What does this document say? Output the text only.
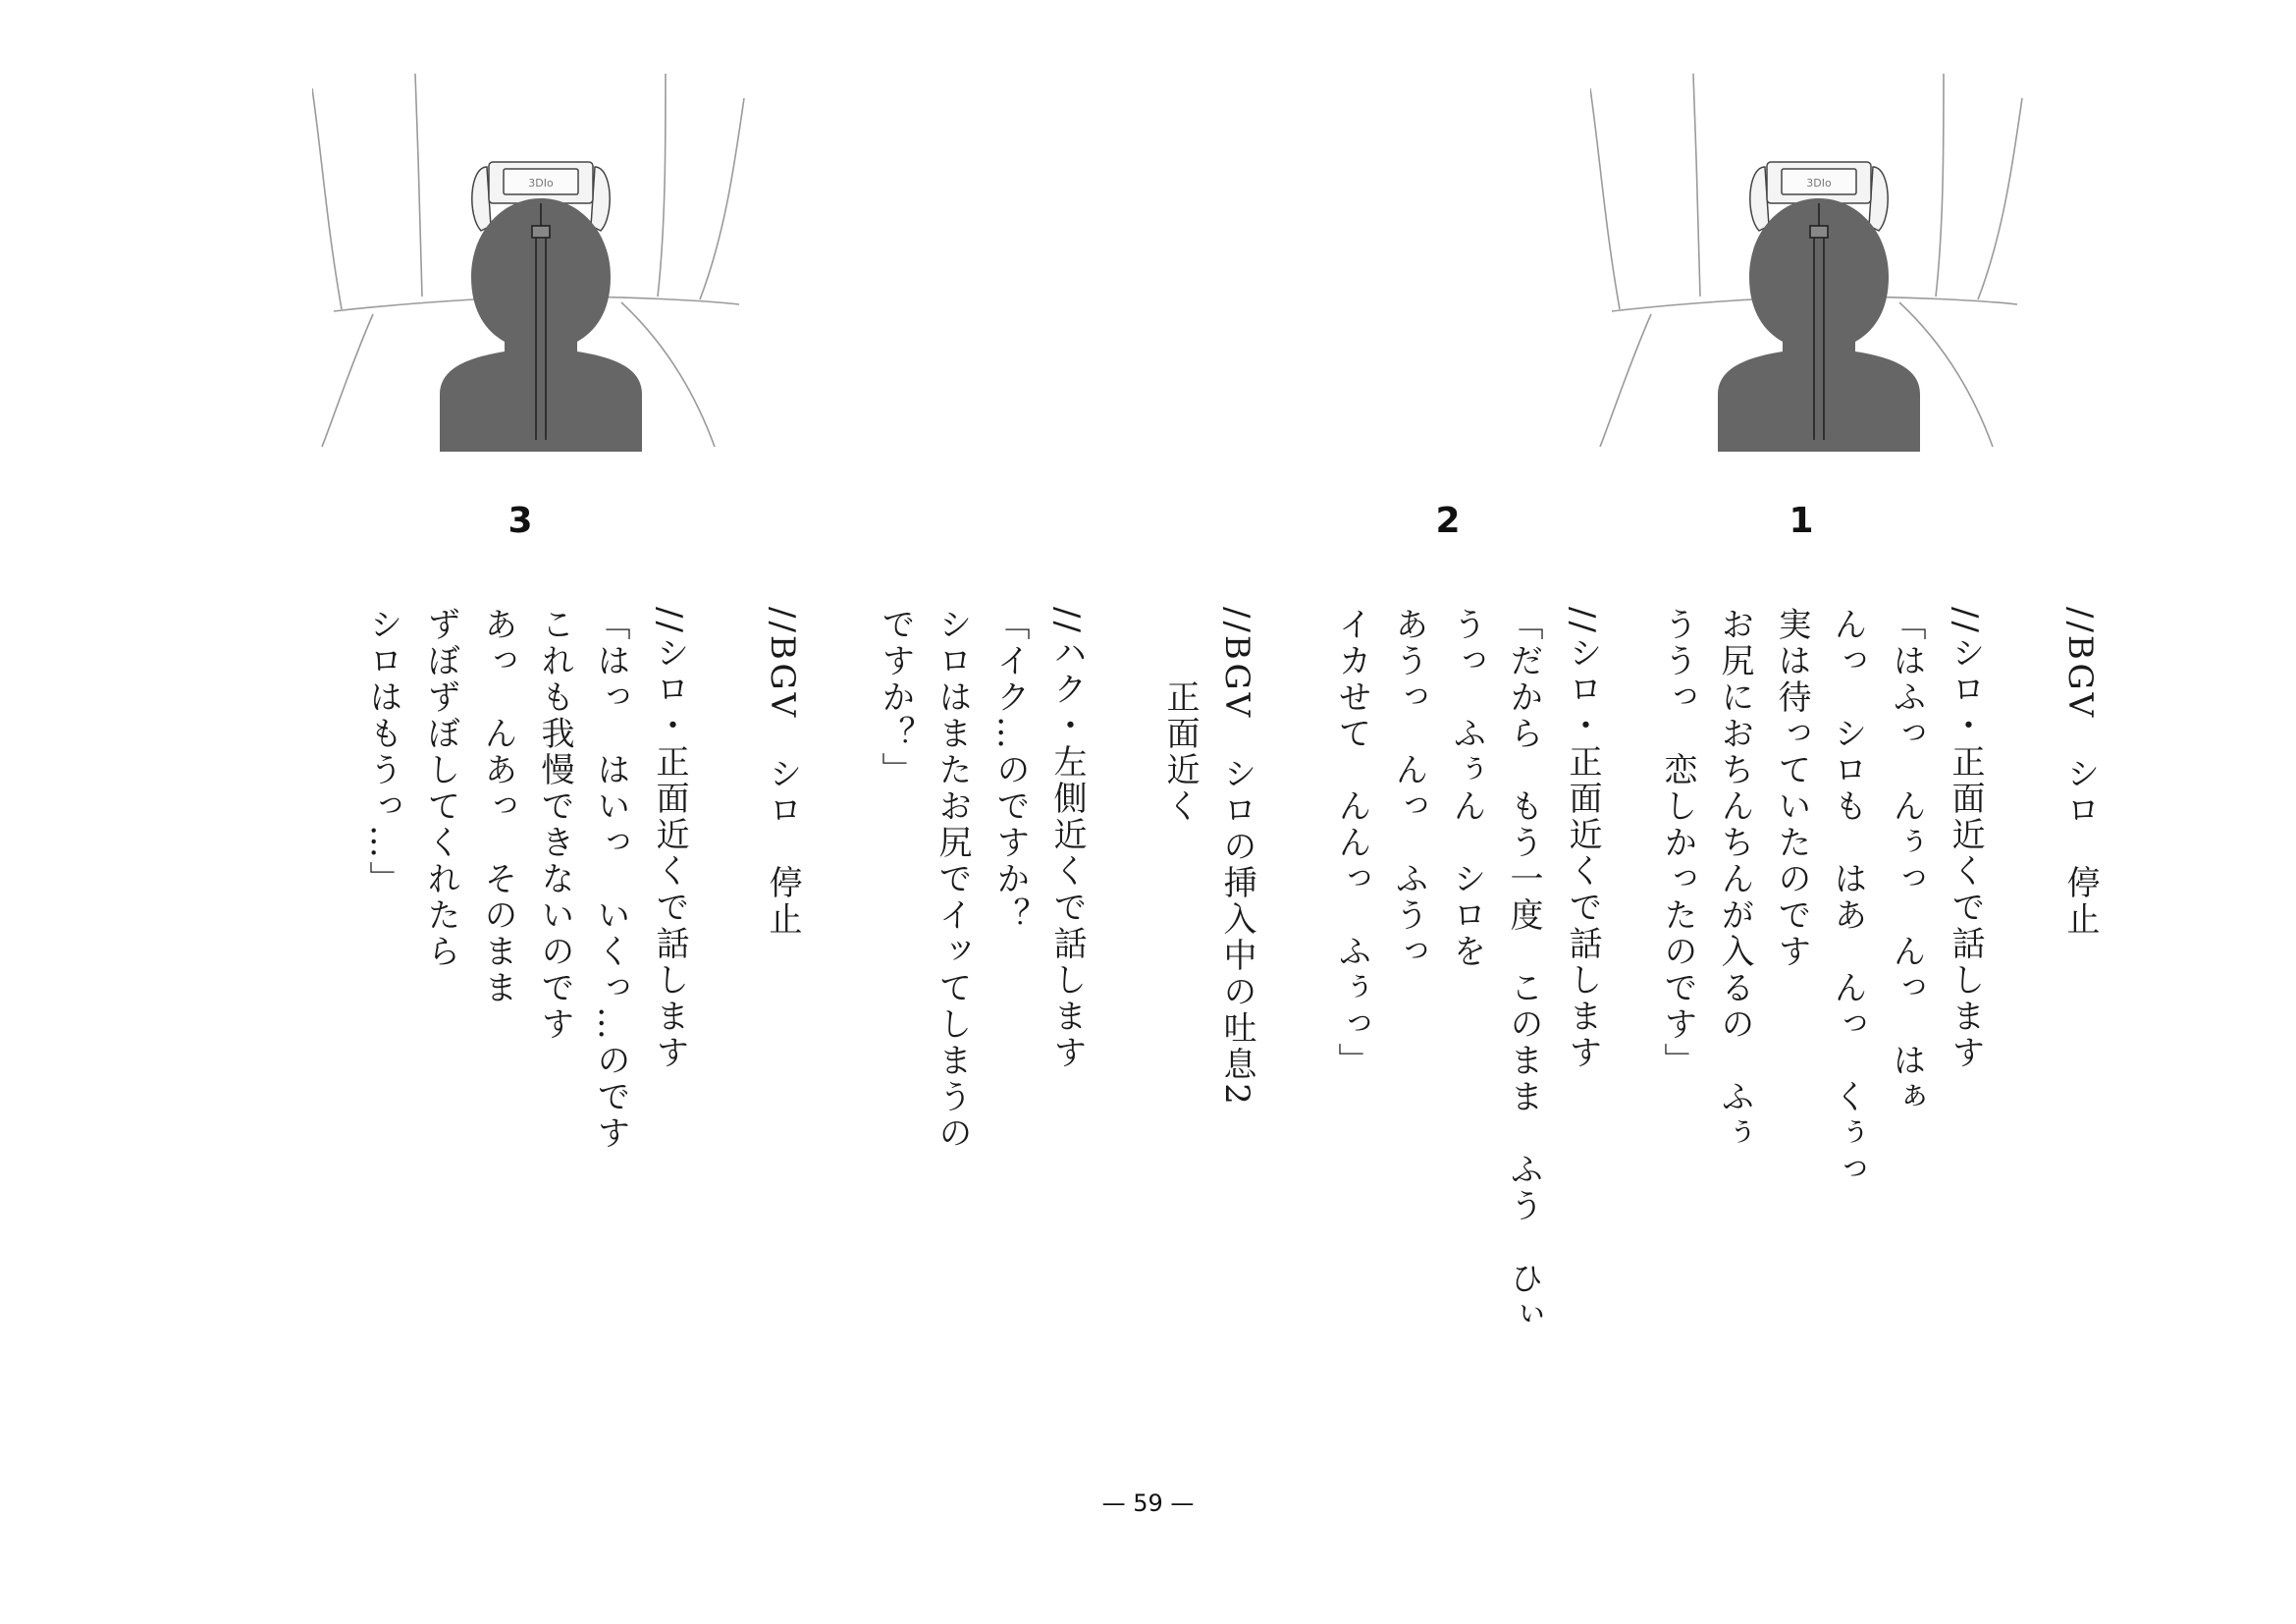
3DIo	3DIo
3	2	1
//BGV　シロ　停止
//シロ・正面近くで話します
「はふっ　んぅっ　んっ　はぁ
んっ　シロも　はあ　んっ　くぅっ
実は待っていたのです
お尻におちんちんが入るの　ふぅ
ううっ　恋しかったのです」
//シロ・正面近くで話します
「だから　もう一度　このまま　ふう　ひぃ
うっ　ふぅん　シロを
あうっ　んっ　ふうっ
イカせて　んんっ　ふぅっ」
//BGV　シロの挿入中の吐息2
　　正面近く
//ハク・左側近くで話します
「イク…のですか？
シロはまたお尻でイッてしまうの
ですか？」
//BGV　シロ　停止
//シロ・正面近くで話します
「はっ　はいっ　いくっ…のです
これも我慢できないのです
あっ　んあっ　そのまま
ずぼずぼしてくれたら
シロはもうっ…」
— 59 —
